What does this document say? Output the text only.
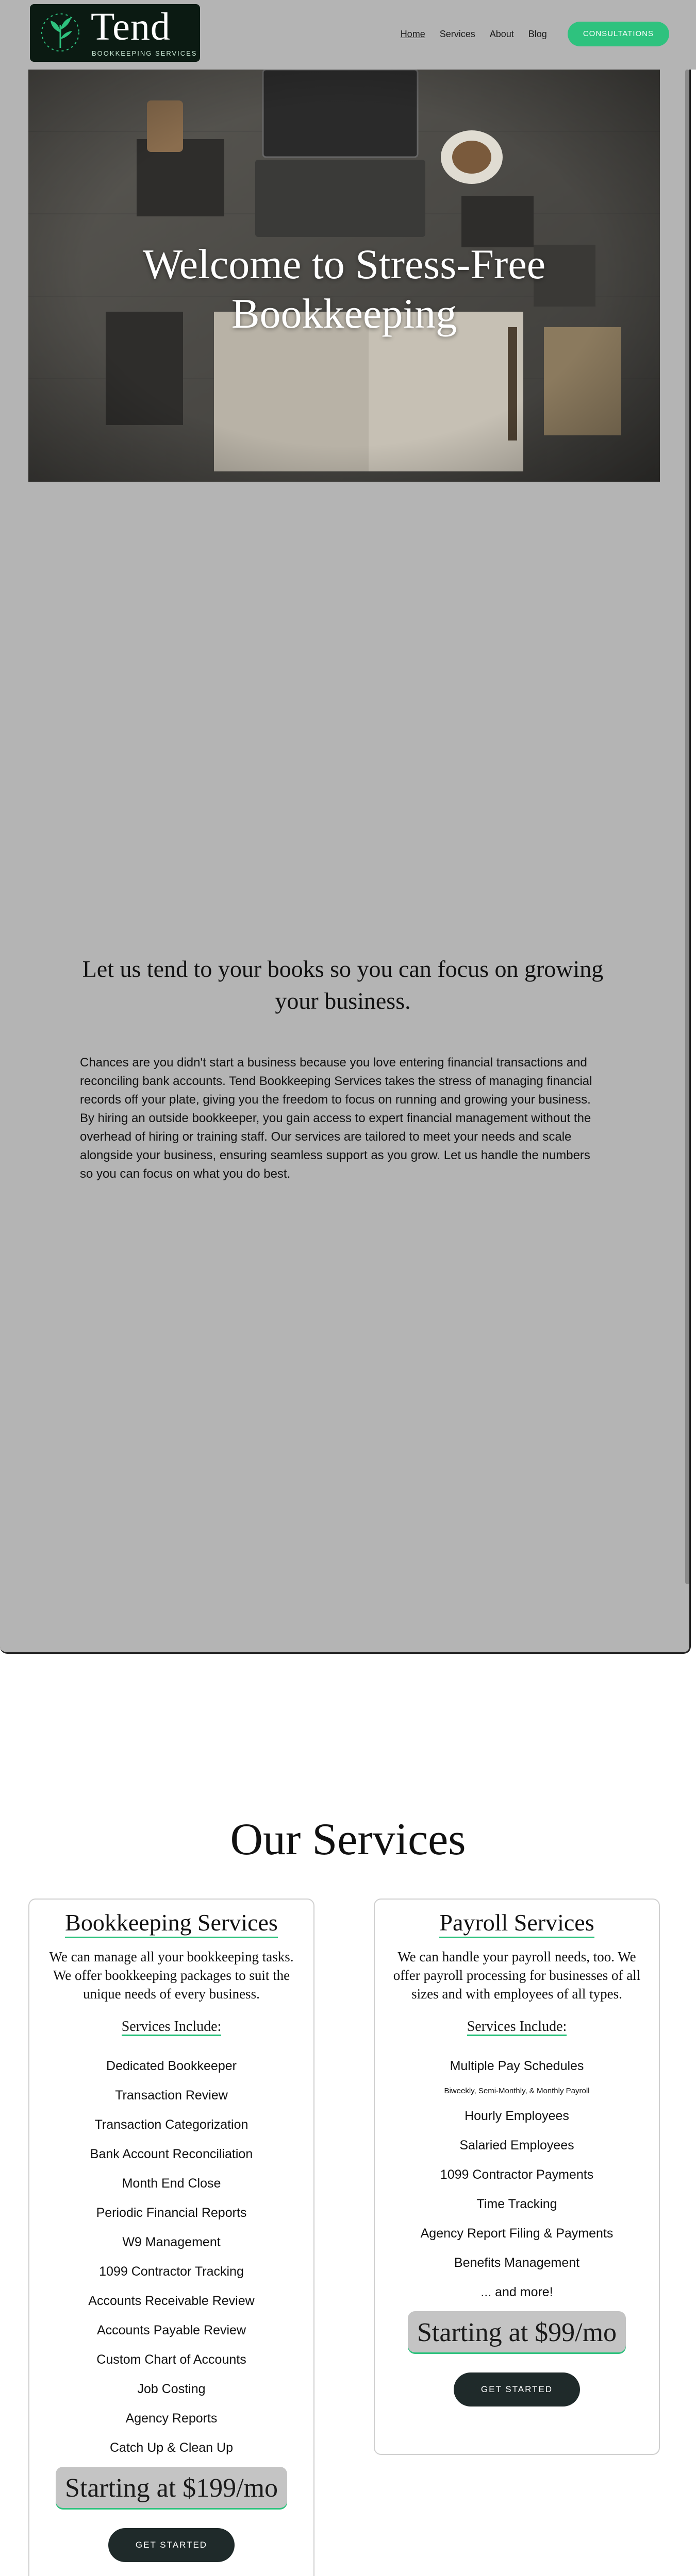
Tend
BOOKKEEPING SERVICES
Home Services About Blog	CONSULTATIONS
Welcome to Stress-Free Bookkeeping
Let us tend to your books so you can focus on growing your business.
Chances are you didn't start a business because you love entering financial transactions and reconciling bank accounts. Tend Bookkeeping Services takes the stress of managing financial records off your plate, giving you the freedom to focus on running and growing your business. By hiring an outside bookkeeper, you gain access to expert financial management without the overhead of hiring or training staff. Our services are tailored to meet your needs and scale alongside your business, ensuring seamless support as you grow. Let us handle the numbers so you can focus on what you do best.
Our Services
Bookkeeping Services
We can manage all your bookkeeping tasks. We offer bookkeeping packages to suit the unique needs of every business.
Services Include:
Dedicated Bookkeeper
Transaction Review
Transaction Categorization
Bank Account Reconciliation
Month End Close
Periodic Financial Reports
W9 Management
1099 Contractor Tracking
Accounts Receivable Review
Accounts Payable Review
Custom Chart of Accounts
Job Costing
Agency Reports
Catch Up & Clean Up
Starting at $199/mo
GET STARTED
Payroll Services
We can handle your payroll needs, too. We offer payroll processing for businesses of all sizes and with employees of all types.
Services Include:
Multiple Pay Schedules
Biweekly, Semi-Monthly, & Monthly Payroll
Hourly Employees
Salaried Employees
1099 Contractor Payments
Time Tracking
Agency Report Filing & Payments
Benefits Management
... and more!
Starting at $99/mo
GET STARTED
